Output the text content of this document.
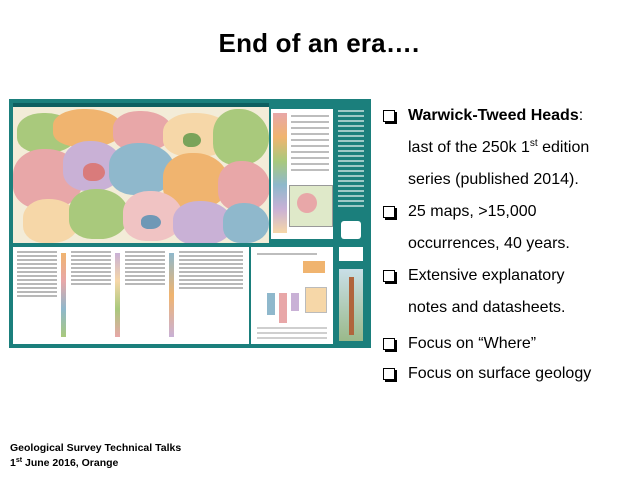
End of an era….
Warwick-Tweed Heads:
last of the 250k 1st edition
series (published 2014).
25 maps, >15,000
occurrences, 40 years.
Extensive explanatory
notes and datasheets.
Focus on “Where”
Focus on surface geology
Geological Survey Technical Talks
1st June 2016, Orange
